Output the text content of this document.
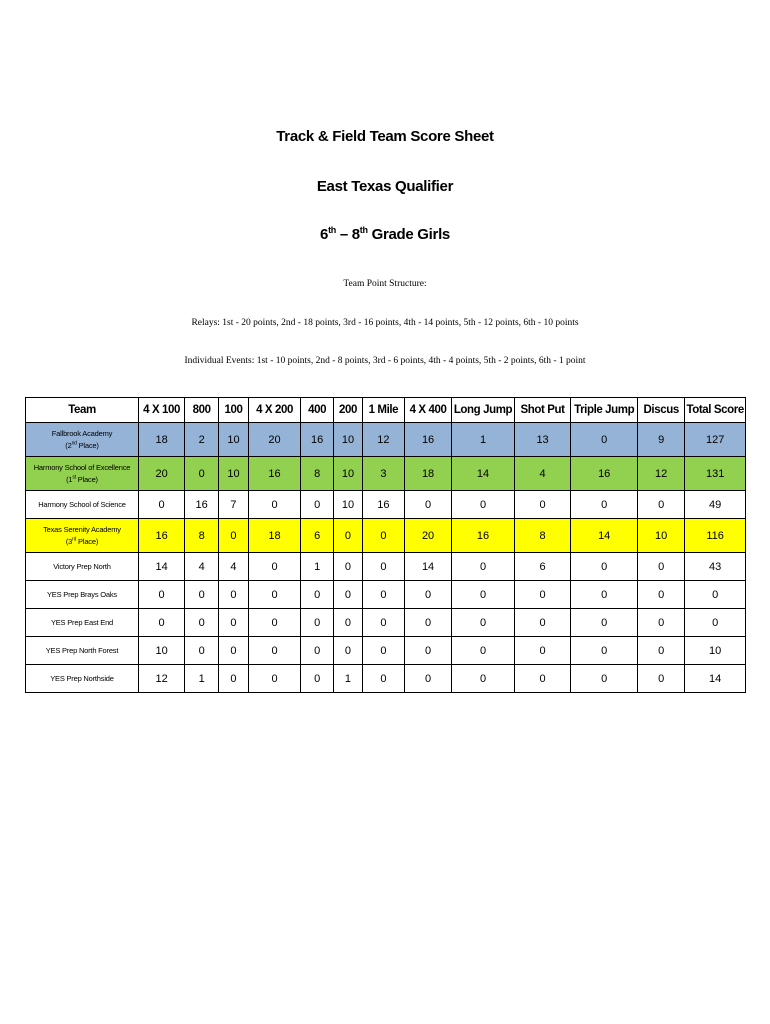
Track & Field Team Score Sheet
East Texas Qualifier
6th – 8th Grade Girls
Team Point Structure:
Relays: 1st - 20 points, 2nd - 18 points, 3rd - 16 points, 4th - 14 points, 5th - 12 points, 6th - 10 points
Individual Events: 1st - 10 points, 2nd - 8 points, 3rd - 6 points, 4th - 4 points, 5th - 2 points, 6th - 1 point
Team	4 X 100	800	100	4 X 200	400	200	1 Mile	4 X 400	Long Jump	Shot Put	Triple Jump	Discus	Total Score

Fallbrook Academy
(2nd Place)	18	2	10	20	16	10	12	16	1	13	0	9	127

Harmony School of Excellence
(1st Place)	20	0	10	16	8	10	3	18	14	4	16	12	131

Harmony School of Science	0	16	7	0	0	10	16	0	0	0	0	0	49

Texas Serenity Academy
(3rd Place)	16	8	0	18	6	0	0	20	16	8	14	10	116

Victory Prep North	14	4	4	0	1	0	0	14	0	6	0	0	43

YES Prep Brays Oaks	0	0	0	0	0	0	0	0	0	0	0	0	0

YES Prep East End	0	0	0	0	0	0	0	0	0	0	0	0	0

YES Prep North Forest	10	0	0	0	0	0	0	0	0	0	0	0	10

YES Prep Northside	12	1	0	0	0	1	0	0	0	0	0	0	14
